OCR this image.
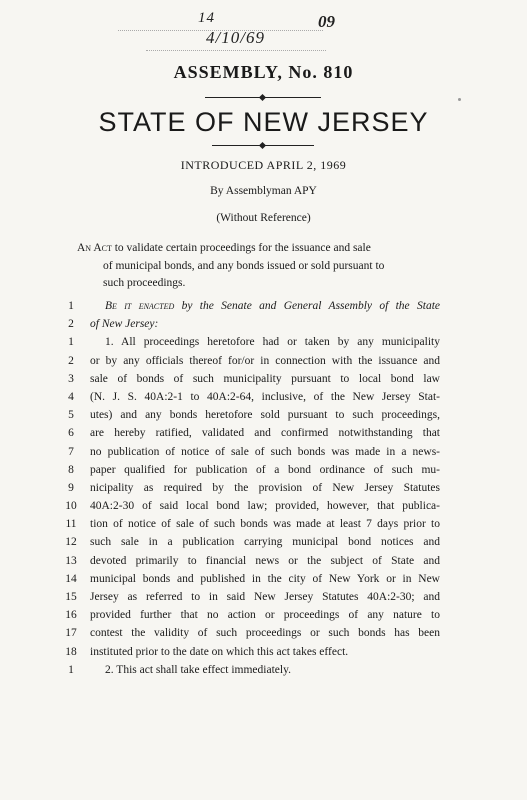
14
4/10/69
09
ASSEMBLY, No. 810
STATE OF NEW JERSEY
INTRODUCED APRIL 2, 1969
By Assemblyman APY
(Without Reference)
An Act to validate certain proceedings for the issuance and sale
of municipal bonds, and any bonds issued or sold pursuant to
such proceedings.
1	Be it enacted by the Senate and General Assembly of the State
2	of New Jersey:
1	1. All proceedings heretofore had or taken by any municipality
2	or by any officials thereof for/or in connection with the issuance and
3	sale of bonds of such municipality pursuant to local bond law
4	(N. J. S. 40A:2-1 to 40A:2-64, inclusive, of the New Jersey Stat-
5	utes) and any bonds heretofore sold pursuant to such proceedings,
6	are hereby ratified, validated and confirmed notwithstanding that
7	no publication of notice of sale of such bonds was made in a news-
8	paper qualified for publication of a bond ordinance of such mu-
9	nicipality as required by the provision of New Jersey Statutes
10	40A:2-30 of said local bond law; provided, however, that publica-
11	tion of notice of sale of such bonds was made at least 7 days prior to
12	such sale in a publication carrying municipal bond notices and
13	devoted primarily to financial news or the subject of State and
14	municipal bonds and published in the city of New York or in New
15	Jersey as referred to in said New Jersey Statutes 40A:2-30; and
16	provided further that no action or proceedings of any nature to
17	contest the validity of such proceedings or such bonds has been
18	instituted prior to the date on which this act takes effect.
1	2. This act shall take effect immediately.
